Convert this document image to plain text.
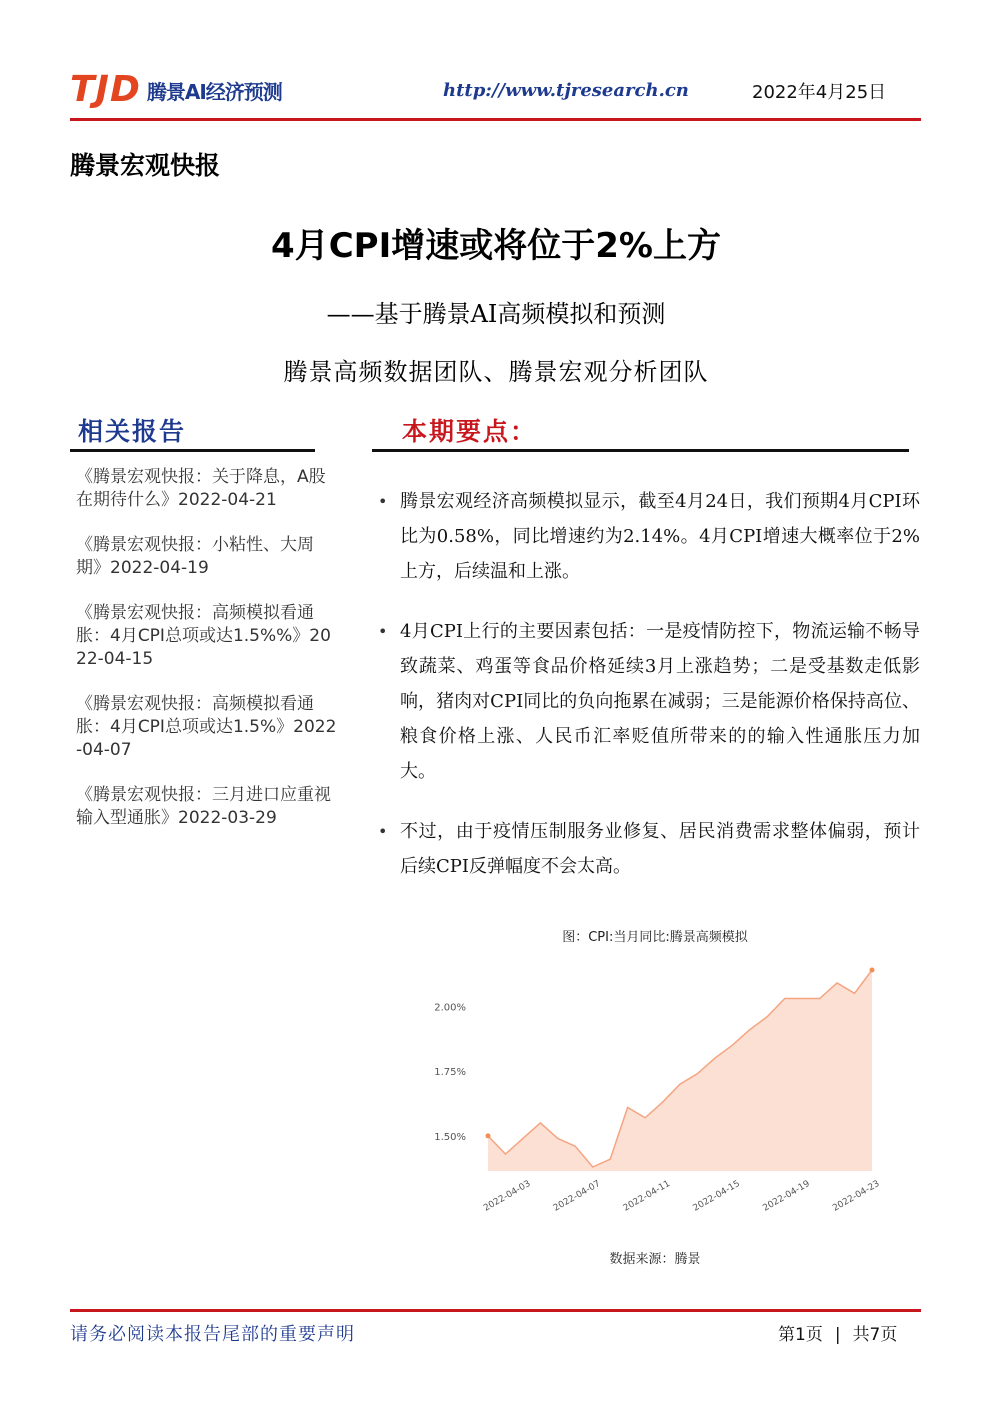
TJD 腾景AI经济预测	http://www.tjresearch.cn	2022年4月25日
腾景宏观快报
4月CPI增速或将位于2%上方
——基于腾景AI高频模拟和预测
腾景高频数据团队、腾景宏观分析团队
相关报告
《腾景宏观快报：关于降息，A股在期待什么》2022-04-21
《腾景宏观快报：小粘性、大周期》2022-04-19
《腾景宏观快报：高频模拟看通胀：4月CPI总项或达1.5%%》2022-04-15
《腾景宏观快报：高频模拟看通胀：4月CPI总项或达1.5%》2022-04-07
《腾景宏观快报：三月进口应重视输入型通胀》2022-03-29
本期要点：
• 腾景宏观经济高频模拟显示，截至4月24日，我们预期4月CPI环比为0.58%，同比增速约为2.14%。4月CPI增速大概率位于2%上方，后续温和上涨。
• 4月CPI上行的主要因素包括：一是疫情防控下，物流运输不畅导致蔬菜、鸡蛋等食品价格延续3月上涨趋势；二是受基数走低影响，猪肉对CPI同比的负向拖累在减弱；三是能源价格保持高位、粮食价格上涨、人民币汇率贬值所带来的的输入性通胀压力加大。
• 不过，由于疫情压制服务业修复、居民消费需求整体偏弱，预计后续CPI反弹幅度不会太高。
图：CPI:当月同比:腾景高频模拟
1.50%
1.75%
2.00%
2022-04-03 2022-04-07 2022-04-11 2022-04-15 2022-04-19 2022-04-23
数据来源：腾景
请务必阅读本报告尾部的重要声明	第1页 | 共7页
